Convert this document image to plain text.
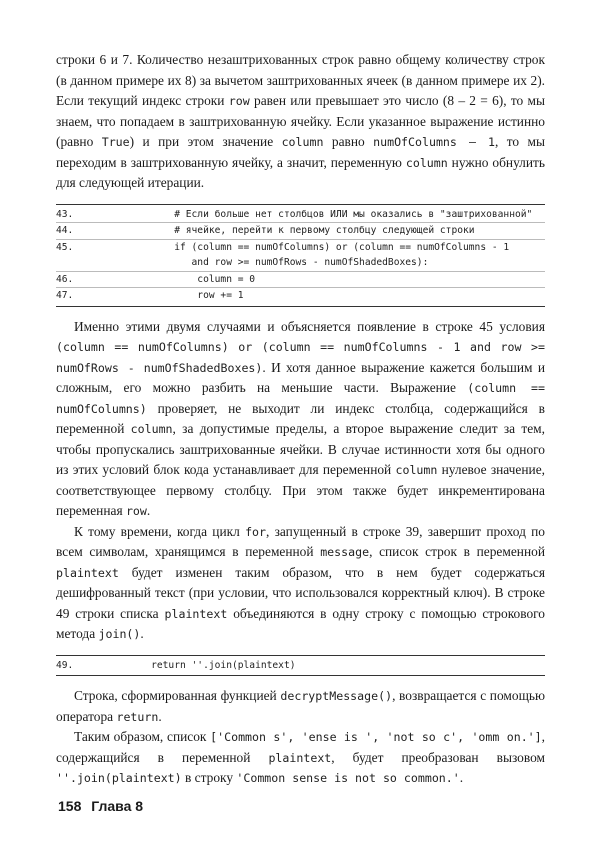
строки 6 и 7. Количество незаштрихованных строк равно общему количеству строк (в данном примере их 8) за вычетом заштрихованных ячеек (в данном примере их 2). Если текущий индекс строки row равен или превышает это число (8 – 2 = 6), то мы знаем, что попадаем в заштрихованную ячейку. Если указанное выражение истинно (равно True) и при этом значение column равно numOfColumns – 1, то мы переходим в заштрихованную ячейку, а значит, переменную column нужно обнулить для следующей итерации.

43.	# Если больше нет столбцов ИЛИ мы оказались в "заштрихованной"
44.	# ячейке, перейти к первому столбцу следующей строки
45.	if (column == numOfColumns) or (column == numOfColumns - 1
and row >= numOfRows - numOfShadedBoxes):
46.	column = 0
47.	row += 1

Именно этими двумя случаями и объясняется появление в строке 45 условия (column == numOfColumns) or (column == numOfColumns - 1 and row >= numOfRows - numOfShadedBoxes). И хотя данное выражение кажется большим и сложным, его можно разбить на меньшие части. Выражение (column == numOfColumns) проверяет, не выходит ли индекс столбца, содержащийся в переменной column, за допустимые пределы, а второе выражение следит за тем, чтобы пропускались заштрихованные ячейки. В случае истинности хотя бы одного из этих условий блок кода устанавливает для переменной column нулевое значение, соответствующее первому столбцу. При этом также будет инкрементирована переменная row.

К тому времени, когда цикл for, запущенный в строке 39, завершит проход по всем символам, хранящимся в переменной message, список строк в переменной plaintext будет изменен таким образом, что в нем будет содержаться дешифрованный текст (при условии, что использовался корректный ключ). В строке 49 строки списка plaintext объединяются в одну строку с помощью строкового метода join().

49.	return ''.join(plaintext)

Строка, сформированная функцией decryptMessage(), возвращается с помощью оператора return.

Таким образом, список ['Common s', 'ense is ', 'not so c', 'omm on.'], содержащийся в переменной plaintext, будет преобразован вызовом ''.join(plaintext) в строку 'Common sense is not so common.'.

158 Глава 8
